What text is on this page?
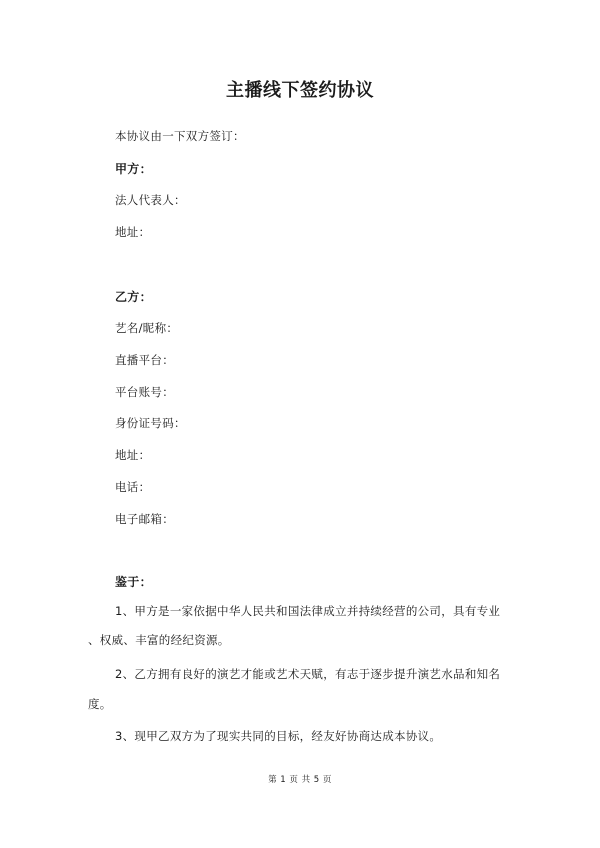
主播线下签约协议
本协议由一下双方签订：
甲方：
法人代表人：
地址：
乙方：
艺名/昵称：
直播平台：
平台账号：
身份证号码：
地址：
电话：
电子邮箱：
鉴于：
1、甲方是一家依据中华人民共和国法律成立并持续经营的公司，具有专业
、权威、丰富的经纪资源。
2、乙方拥有良好的演艺才能或艺术天赋，有志于逐步提升演艺水品和知名
度。
3、现甲乙双方为了现实共同的目标，经友好协商达成本协议。
第 1 页 共 5 页
